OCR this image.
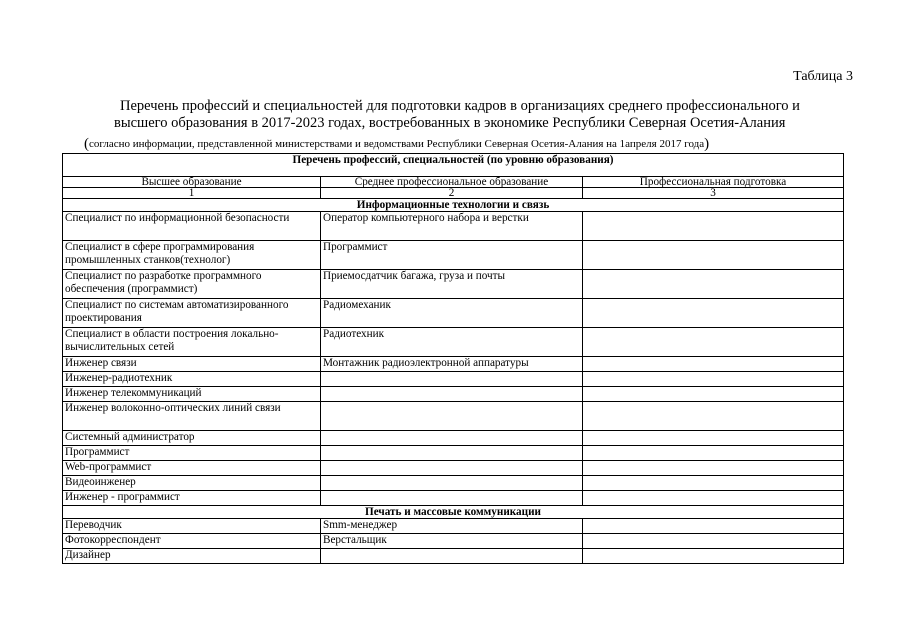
Таблица 3
Перечень профессий и специальностей для подготовки кадров в организациях среднего профессионального и
высшего образования в 2017-2023 годах, востребованных в экономике Республики Северная Осетия-Алания
(согласно информации, представленной министерствами и ведомствами Республики Северная Осетия-Алания на 1апреля 2017 года)
Перечень профессий, специальностей (по уровню образования)		
Высшее образование	Среднее профессиональное образование	Профессиональная подготовка
1	2	3
Информационные технологии и связь		
Специалист по информационной безопасности	Оператор компьютерного набора и верстки	
Специалист в сфере программирования промышленных станков(технолог)	Программист	
Специалист по разработке программного обеспечения (программист)	Приемосдатчик багажа, груза и почты	
Специалист по системам автоматизированного проектирования	Радиомеханик	
Специалист в области построения локально-вычислительных сетей	Радиотехник	
Инженер связи	Монтажник радиоэлектронной аппаратуры	
Инженер-радиотехник		
Инженер телекоммуникаций		
Инженер волоконно-оптических линий связи		
Системный администратор		
Программист		
Web-программист		
Видеоинженер		
Инженер - программист		
Печать и массовые коммуникации		
Переводчик	Smm-менеджер	
Фотокорреспондент	Верстальщик	
Дизайнер		
